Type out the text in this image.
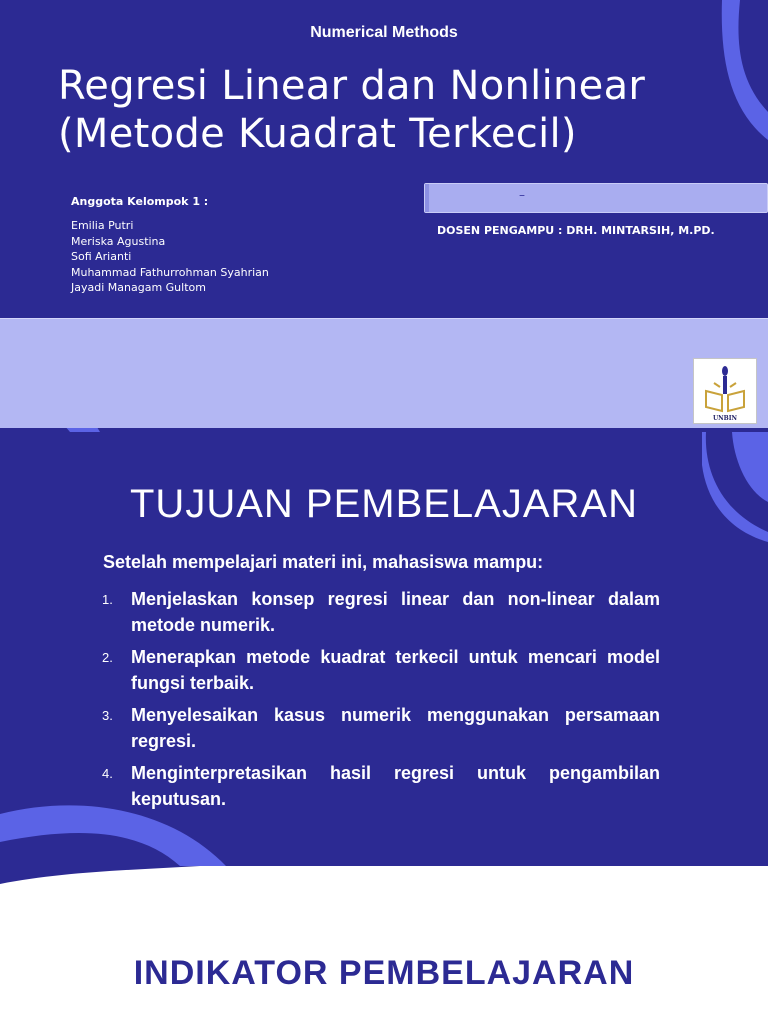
Numerical Methods
Regresi Linear dan Nonlinear
(Metode Kuadrat Terkecil)
Anggota Kelompok 1 :
Emilia Putri
Meriska Agustina
Sofi Arianti
Muhammad Fathurrohman Syahrian
Jayadi Managam Gultom
–
DOSEN PENGAMPU : DRH. MINTARSIH, M.PD.
UNBIN
TUJUAN PEMBELAJARAN
Setelah mempelajari materi ini, mahasiswa mampu:
1. Menjelaskan konsep regresi linear dan non-linear dalam metode numerik.
2. Menerapkan metode kuadrat terkecil untuk mencari model fungsi terbaik.
3. Menyelesaikan kasus numerik menggunakan persamaan regresi.
4. Menginterpretasikan hasil regresi untuk pengambilan keputusan.
INDIKATOR PEMBELAJARAN
